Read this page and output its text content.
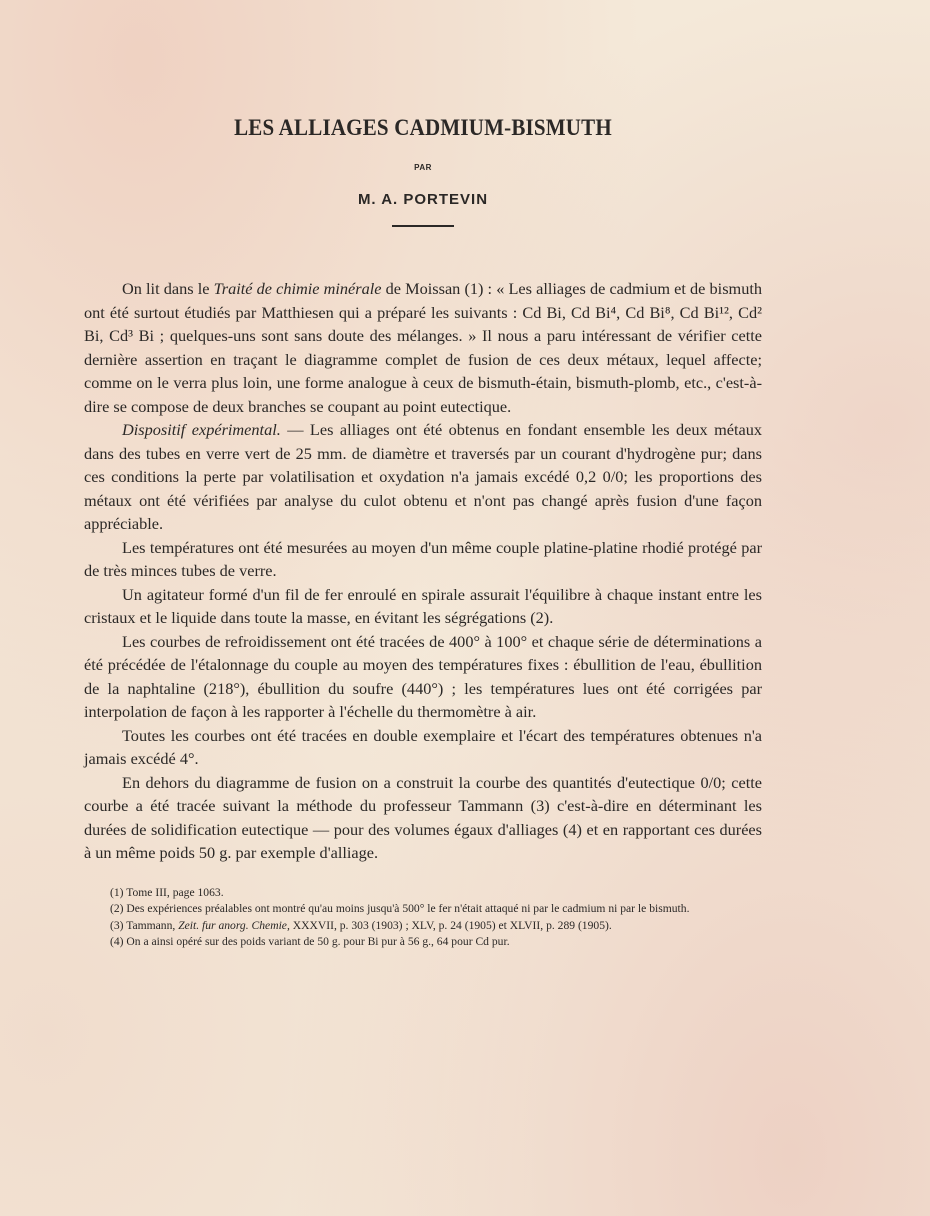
LES ALLIAGES CADMIUM-BISMUTH
PAR
M. A. PORTEVIN

On lit dans le Traité de chimie minérale de Moissan (1) : « Les alliages de cadmium et de bismuth ont été surtout étudiés par Matthiesen qui a préparé les suivants : Cd Bi, Cd Bi⁴, Cd Bi⁸, Cd Bi¹², Cd² Bi, Cd³ Bi ; quelques-uns sont sans doute des mélanges. » Il nous a paru intéressant de vérifier cette dernière assertion en traçant le diagramme complet de fusion de ces deux métaux, lequel affecte; comme on le verra plus loin, une forme analogue à ceux de bismuth-étain, bismuth-plomb, etc., c'est-à-dire se compose de deux branches se coupant au point eutectique.

Dispositif expérimental. — Les alliages ont été obtenus en fondant ensemble les deux métaux dans des tubes en verre vert de 25 mm. de diamètre et traversés par un courant d'hydrogène pur; dans ces conditions la perte par volatilisation et oxydation n'a jamais excédé 0,2 0/0; les proportions des métaux ont été vérifiées par analyse du culot obtenu et n'ont pas changé après fusion d'une façon appréciable.

Les températures ont été mesurées au moyen d'un même couple platine-platine rhodié protégé par de très minces tubes de verre.

Un agitateur formé d'un fil de fer enroulé en spirale assurait l'équilibre à chaque instant entre les cristaux et le liquide dans toute la masse, en évitant les ségrégations (2).

Les courbes de refroidissement ont été tracées de 400° à 100° et chaque série de déterminations a été précédée de l'étalonnage du couple au moyen des températures fixes : ébullition de l'eau, ébullition de la naphtaline (218°), ébullition du soufre (440°) ; les températures lues ont été corrigées par interpolation de façon à les rapporter à l'échelle du thermomètre à air.

Toutes les courbes ont été tracées en double exemplaire et l'écart des températures obtenues n'a jamais excédé 4°.

En dehors du diagramme de fusion on a construit la courbe des quantités d'eutectique 0/0; cette courbe a été tracée suivant la méthode du professeur Tammann (3) c'est-à-dire en déterminant les durées de solidification eutectique — pour des volumes égaux d'alliages (4) et en rapportant ces durées à un même poids 50 g. par exemple d'alliage.

(1) Tome III, page 1063.

(2) Des expériences préalables ont montré qu'au moins jusqu'à 500° le fer n'était attaqué ni par le cadmium ni par le bismuth.

(3) Tammann, Zeit. fur anorg. Chemie, XXXVII, p. 303 (1903) ; XLV, p. 24 (1905) et XLVII, p. 289 (1905).

(4) On a ainsi opéré sur des poids variant de 50 g. pour Bi pur à 56 g., 64 pour Cd pur.
